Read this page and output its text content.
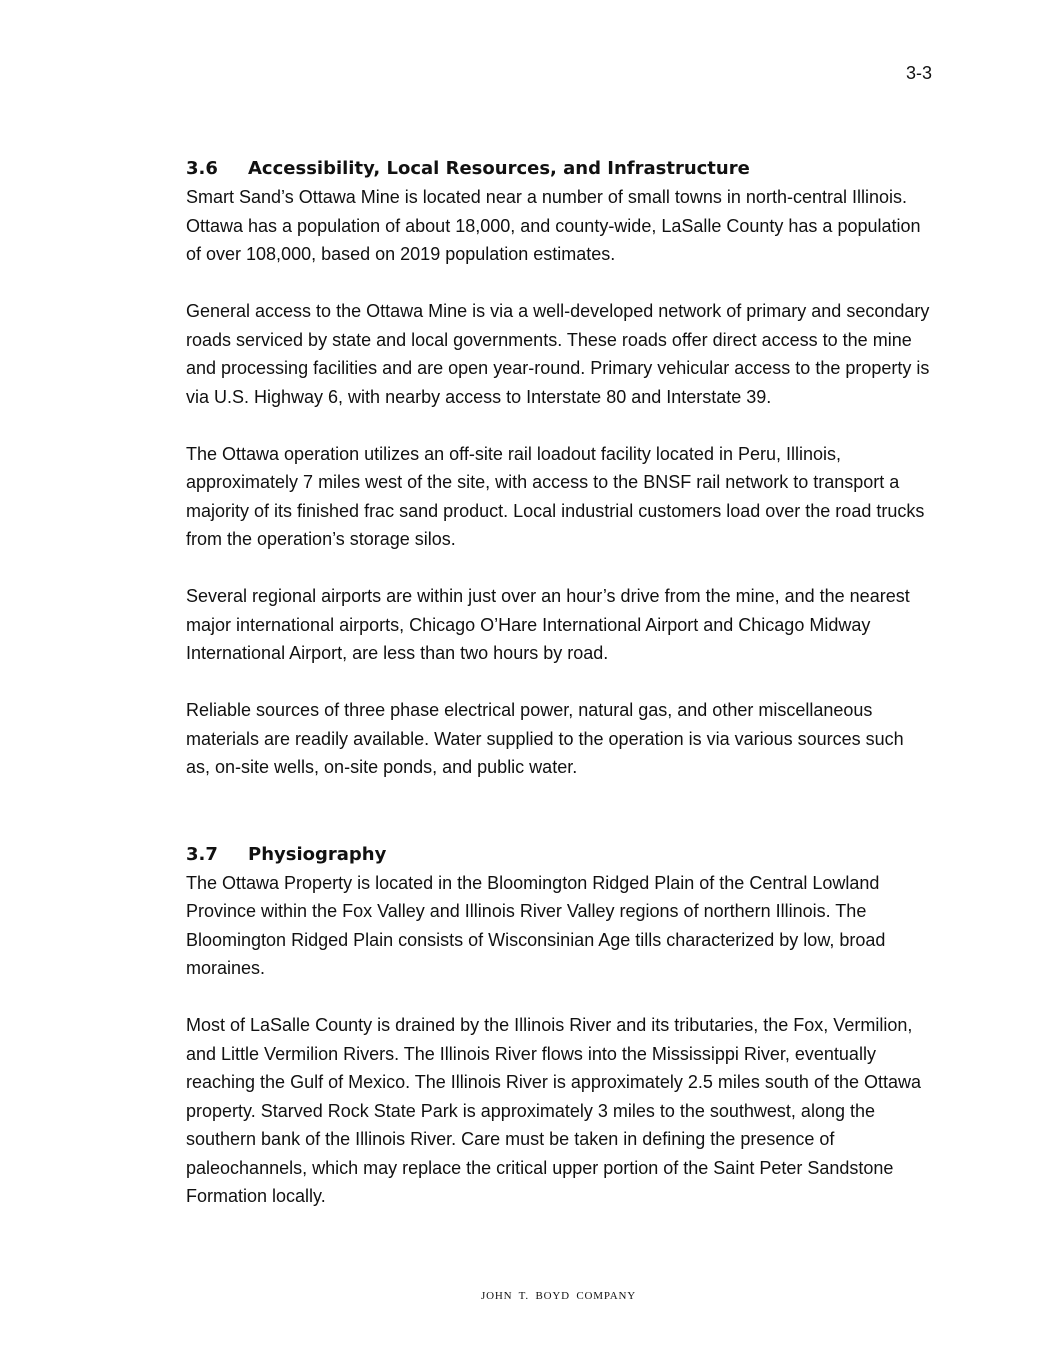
3-3
3.6	Accessibility, Local Resources, and Infrastructure

Smart Sand’s Ottawa Mine is located near a number of small towns in north-central Illinois. Ottawa has a population of about 18,000, and county-wide, LaSalle County has a population of over 108,000, based on 2019 population estimates.

General access to the Ottawa Mine is via a well-developed network of primary and secondary roads serviced by state and local governments. These roads offer direct access to the mine and processing facilities and are open year-round. Primary vehicular access to the property is via U.S. Highway 6, with nearby access to Interstate 80 and Interstate 39.

The Ottawa operation utilizes an off-site rail loadout facility located in Peru, Illinois, approximately 7 miles west of the site, with access to the BNSF rail network to transport a majority of its finished frac sand product. Local industrial customers load over the road trucks from the operation’s storage silos.

Several regional airports are within just over an hour’s drive from the mine, and the nearest major international airports, Chicago O’Hare International Airport and Chicago Midway International Airport, are less than two hours by road.

Reliable sources of three phase electrical power, natural gas, and other miscellaneous materials are readily available. Water supplied to the operation is via various sources such as, on-site wells, on-site ponds, and public water.

3.7	Physiography

The Ottawa Property is located in the Bloomington Ridged Plain of the Central Lowland Province within the Fox Valley and Illinois River Valley regions of northern Illinois. The Bloomington Ridged Plain consists of Wisconsinian Age tills characterized by low, broad moraines.

Most of LaSalle County is drained by the Illinois River and its tributaries, the Fox, Vermilion, and Little Vermilion Rivers. The Illinois River flows into the Mississippi River, eventually reaching the Gulf of Mexico. The Illinois River is approximately 2.5 miles south of the Ottawa property. Starved Rock State Park is approximately 3 miles to the southwest, along the southern bank of the Illinois River. Care must be taken in defining the presence of paleochannels, which may replace the critical upper portion of the Saint Peter Sandstone Formation locally.

JOHN T. BOYD COMPANY
